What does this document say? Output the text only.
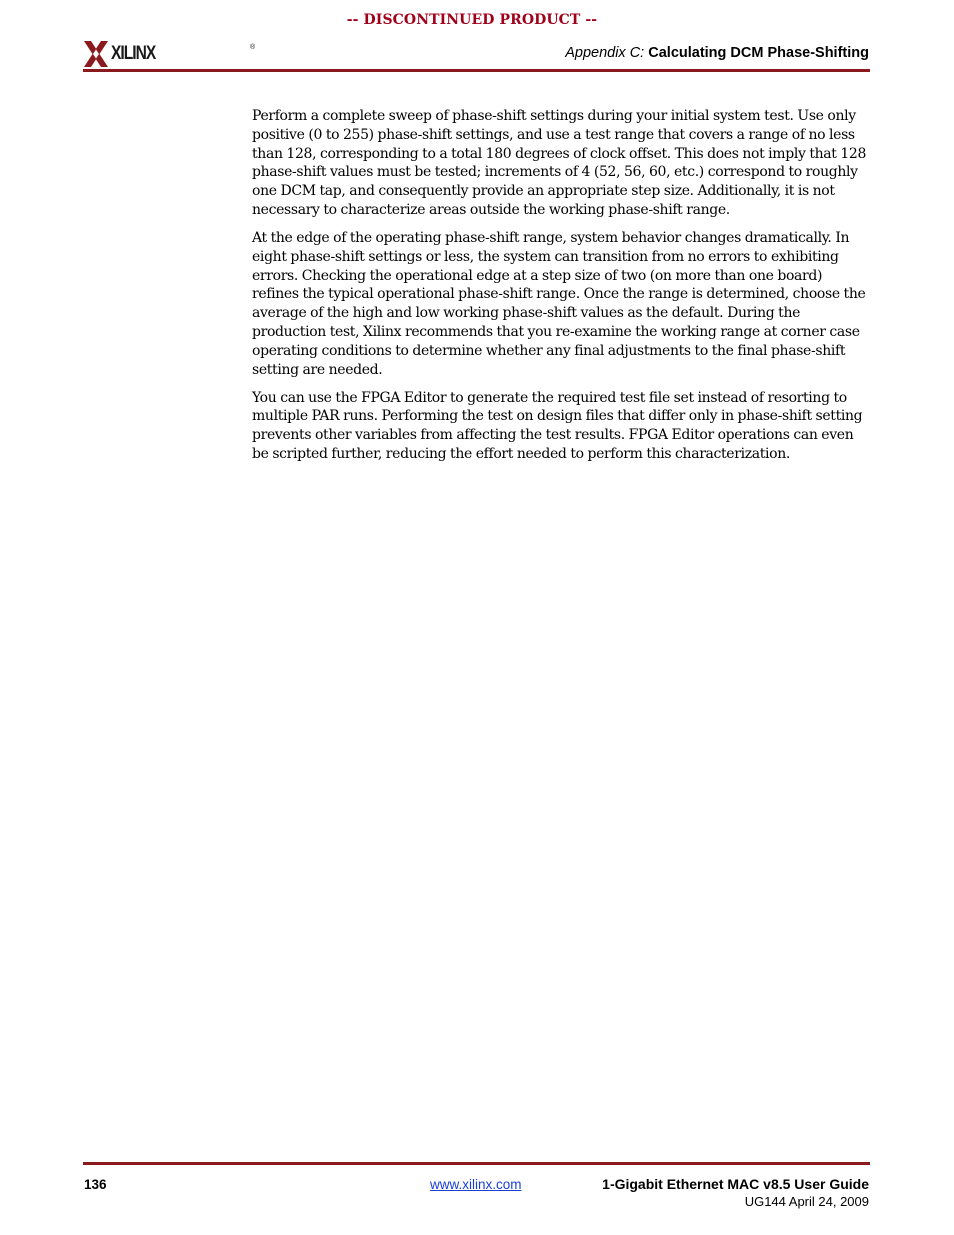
-- DISCONTINUED PRODUCT --
XILINX	®	Appendix C: Calculating DCM Phase-Shifting

Perform a complete sweep of phase-shift settings during your initial system test. Use only positive (0 to 255) phase-shift settings, and use a test range that covers a range of no less than 128, corresponding to a total 180 degrees of clock offset. This does not imply that 128 phase-shift values must be tested; increments of 4 (52, 56, 60, etc.) correspond to roughly one DCM tap, and consequently provide an appropriate step size. Additionally, it is not necessary to characterize areas outside the working phase-shift range.

At the edge of the operating phase-shift range, system behavior changes dramatically. In eight phase-shift settings or less, the system can transition from no errors to exhibiting errors. Checking the operational edge at a step size of two (on more than one board) refines the typical operational phase-shift range. Once the range is determined, choose the average of the high and low working phase-shift values as the default. During the production test, Xilinx recommends that you re-examine the working range at corner case operating conditions to determine whether any final adjustments to the final phase-shift setting are needed.

You can use the FPGA Editor to generate the required test file set instead of resorting to multiple PAR runs. Performing the test on design files that differ only in phase-shift setting prevents other variables from affecting the test results. FPGA Editor operations can even be scripted further, reducing the effort needed to perform this characterization.

136	www.xilinx.com	1-Gigabit Ethernet MAC v8.5 User Guide
UG144 April 24, 2009
